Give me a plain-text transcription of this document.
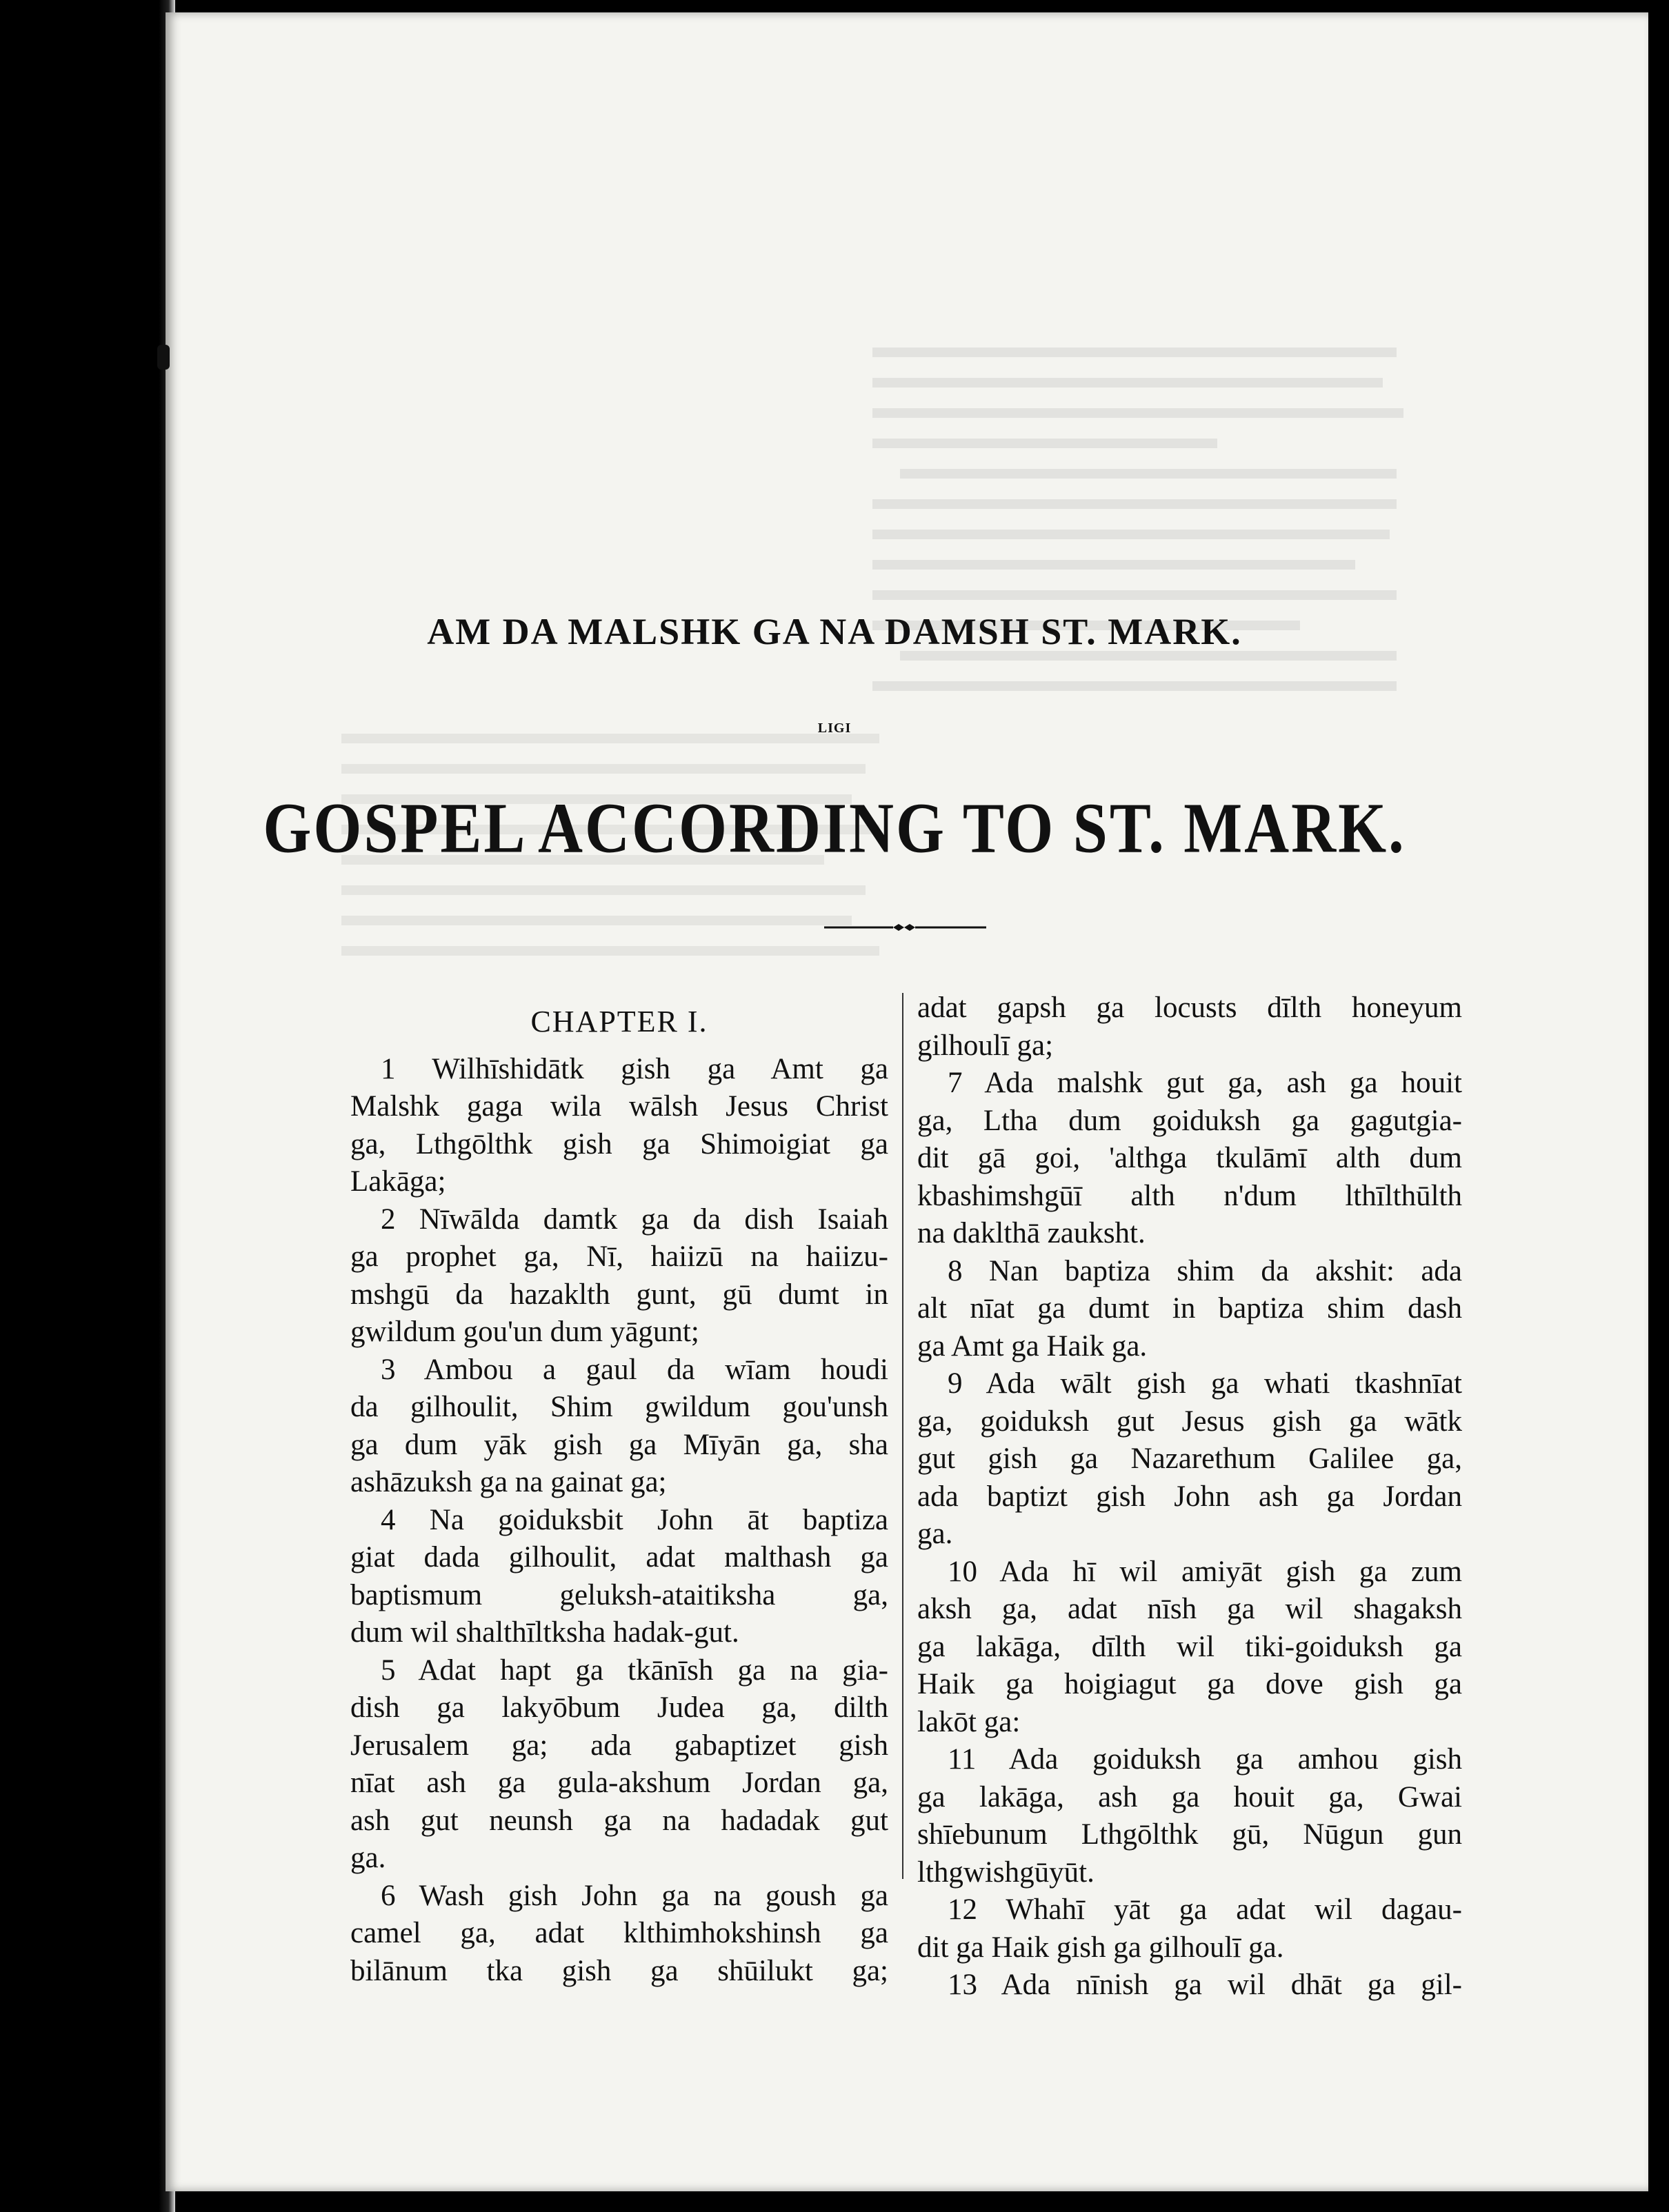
AM DA MALSHK GA NA DAMSH ST. MARK.
LIGI
GOSPEL ACCORDING TO ST. MARK.
CHAPTER I.
1 Wilhīshidātk gish ga Amt ga
Malshk gaga wila wālsh Jesus Christ
ga, Lthgōlthk gish ga Shimoigiat ga
Lakāga;
2 Nīwālda damtk ga da dish Isaiah
ga prophet ga, Nī, haiizū na haiizu-
mshgū da hazaklth gunt, gū dumt in
gwildum gou'un dum yāgunt;
3 Ambou a gaul da wīam houdi
da gilhoulit, Shim gwildum gou'unsh
ga dum yāk gish ga Mīyān ga, sha
ashāzuksh ga na gainat ga;
4 Na goiduksbit John āt baptiza
giat dada gilhoulit, adat malthash ga
baptismum geluksh-ataitiksha ga,
dum wil shalthīltksha hadak-gut.
5 Adat hapt ga tkānīsh ga na gia-
dish ga lakyōbum Judea ga, dilth
Jerusalem ga; ada gabaptizet gish
nīat ash ga gula-akshum Jordan ga,
ash gut neunsh ga na hadadak gut
ga.
6 Wash gish John ga na goush ga
camel ga, adat klthimhokshinsh ga
bilānum tka gish ga shūilukt ga;
adat gapsh ga locusts dīlth honeyum
gilhoulī ga;
7 Ada malshk gut ga, ash ga houit
ga, Ltha dum goiduksh ga gagutgia-
dit gā goi, 'althga tkulāmī alth dum
kbashimshgūī alth n'dum lthīlthūlth
na daklthā zauksht.
8 Nan baptiza shim da akshit: ada
alt nīat ga dumt in baptiza shim dash
ga Amt ga Haik ga.
9 Ada wālt gish ga whati tkashnīat
ga, goiduksh gut Jesus gish ga wātk
gut gish ga Nazarethum Galilee ga,
ada baptizt gish John ash ga Jordan
ga.
10 Ada hī wil amiyāt gish ga zum
aksh ga, adat nīsh ga wil shagaksh
ga lakāga, dīlth wil tiki-goiduksh ga
Haik ga hoigiagut ga dove gish ga
lakōt ga:
11 Ada goiduksh ga amhou gish
ga lakāga, ash ga houit ga, Gwai
shīebunum Lthgōlthk gū, Nūgun gun
lthgwishgūyūt.
12 Whahī yāt ga adat wil dagau-
dit ga Haik gish ga gilhoulī ga.
13 Ada nīnish ga wil dhāt ga gil-
